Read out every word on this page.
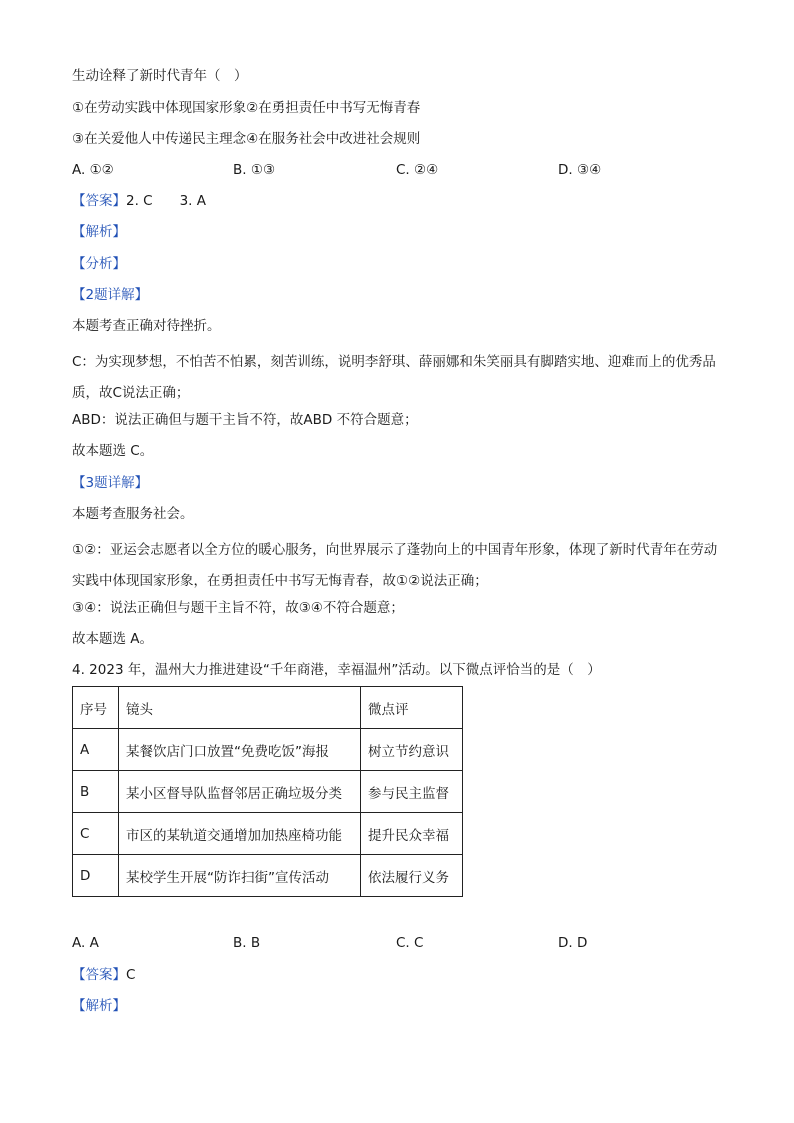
生动诠释了新时代青年（　）
①在劳动实践中体现国家形象②在勇担责任中书写无悔青春
③在关爱他人中传递民主理念④在服务社会中改进社会规则
A. ①②	B. ①③	C. ②④	D. ③④
【答案】2. C　　3. A
【解析】
【分析】
【2题详解】
本题考查正确对待挫折。
C：为实现梦想，不怕苦不怕累，刻苦训练，说明李舒琪、薛丽娜和朱笑丽具有脚踏实地、迎难而上的优秀品质，故C说法正确；
ABD：说法正确但与题干主旨不符，故ABD 不符合题意；
故本题选 C。
【3题详解】
本题考查服务社会。
①②：亚运会志愿者以全方位的暖心服务，向世界展示了蓬勃向上的中国青年形象，体现了新时代青年在劳动实践中体现国家形象，在勇担责任中书写无悔青春，故①②说法正确；
③④：说法正确但与题干主旨不符，故③④不符合题意；
故本题选 A。
4. 2023 年，温州大力推进建设“千年商港，幸福温州”活动。以下微点评恰当的是（　）
序号	镜头	微点评
A	某餐饮店门口放置“免费吃饭”海报	树立节约意识
B	某小区督导队监督邻居正确垃圾分类	参与民主监督
C	市区的某轨道交通增加加热座椅功能	提升民众幸福
D	某校学生开展“防诈扫街”宣传活动	依法履行义务
A. A	B. B	C. C	D. D
【答案】C
【解析】
